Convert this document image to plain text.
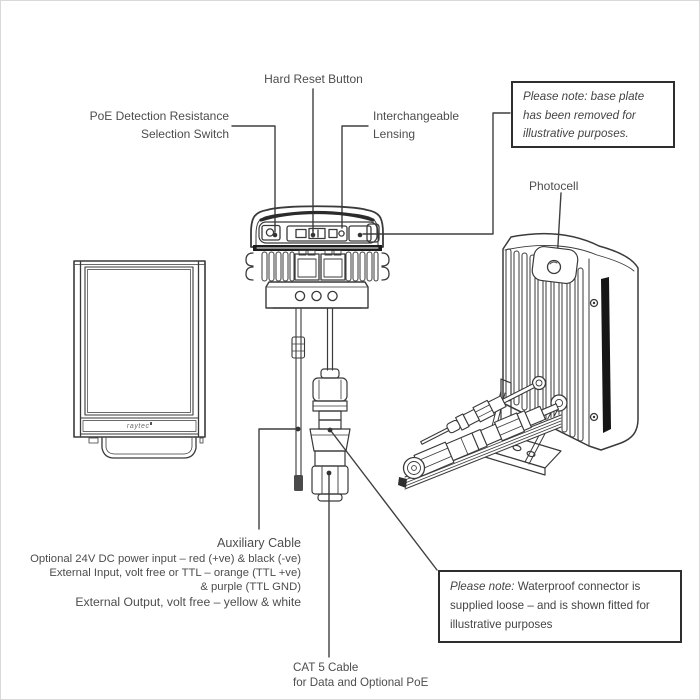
Hard Reset Button
PoE Detection Resistance
Selection Switch
Interchangeable
Lensing
Please note: base plate has been removed for illustrative purposes.
Photocell
Auxiliary Cable
Optional 24V DC power input – red (+ve) & black (-ve)
External Input, volt free or TTL – orange (TTL +ve)
& purple (TTL GND)
External Output, volt free – yellow & white
CAT 5 Cable
for Data and Optional PoE
Please note: Waterproof connector is supplied loose – and is shown fitted for illustrative purposes
raytec
